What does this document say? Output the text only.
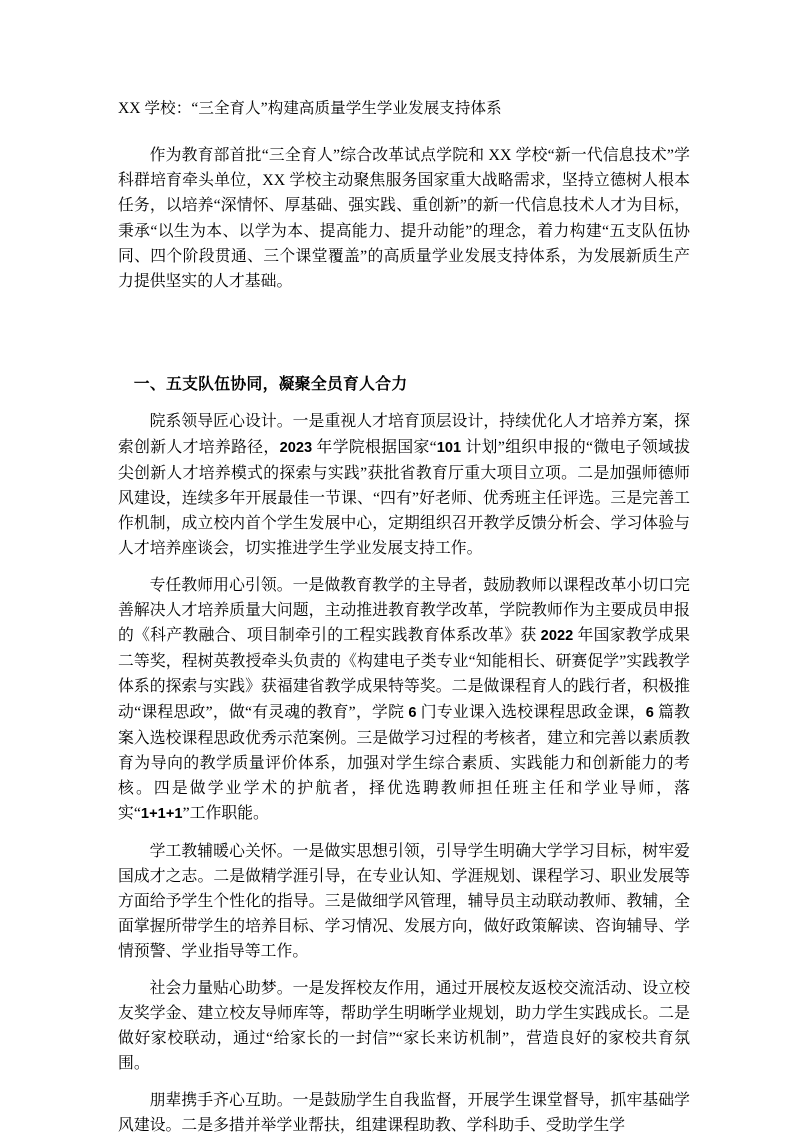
XX 学校：“三全育人”构建高质量学生学业发展支持体系
作为教育部首批“三全育人”综合改革试点学院和 XX 学校“新一代信息技术”学科群培育牵头单位，XX 学校主动聚焦服务国家重大战略需求，坚持立德树人根本任务，以培养“深情怀、厚基础、强实践、重创新”的新一代信息技术人才为目标，秉承“以生为本、以学为本、提高能力、提升动能”的理念，着力构建“五支队伍协同、四个阶段贯通、三个课堂覆盖”的高质量学业发展支持体系，为发展新质生产力提供坚实的人才基础。
一、五支队伍协同，凝聚全员育人合力
院系领导匠心设计。一是重视人才培育顶层设计，持续优化人才培养方案，探索创新人才培养路径，2023 年学院根据国家“101 计划”组织申报的“微电子领域拔尖创新人才培养模式的探索与实践”获批省教育厅重大项目立项。二是加强师德师风建设，连续多年开展最佳一节课、“四有”好老师、优秀班主任评选。三是完善工作机制，成立校内首个学生发展中心，定期组织召开教学反馈分析会、学习体验与人才培养座谈会，切实推进学生学业发展支持工作。
专任教师用心引领。一是做教育教学的主导者，鼓励教师以课程改革小切口完善解决人才培养质量大问题，主动推进教育教学改革，学院教师作为主要成员申报的《科产教融合、项目制牵引的工程实践教育体系改革》获 2022 年国家教学成果二等奖，程树英教授牵头负责的《构建电子类专业“知能相长、研赛促学”实践教学体系的探索与实践》获福建省教学成果特等奖。二是做课程育人的践行者，积极推动“课程思政”，做“有灵魂的教育”，学院 6 门专业课入选校课程思政金课，6 篇教案入选校课程思政优秀示范案例。三是做学习过程的考核者，建立和完善以素质教育为导向的教学质量评价体系，加强对学生综合素质、实践能力和创新能力的考核。四是做学业学术的护航者，择优选聘教师担任班主任和学业导师，落实“1+1+1”工作职能。
学工教辅暖心关怀。一是做实思想引领，引导学生明确大学学习目标，树牢爱国成才之志。二是做精学涯引导，在专业认知、学涯规划、课程学习、职业发展等方面给予学生个性化的指导。三是做细学风管理，辅导员主动联动教师、教辅，全面掌握所带学生的培养目标、学习情况、发展方向，做好政策解读、咨询辅导、学情预警、学业指导等工作。
社会力量贴心助梦。一是发挥校友作用，通过开展校友返校交流活动、设立校友奖学金、建立校友导师库等，帮助学生明晰学业规划，助力学生实践成长。二是做好家校联动，通过“给家长的一封信”“家长来访机制”，营造良好的家校共育氛围。
朋辈携手齐心互助。一是鼓励学生自我监督，开展学生课堂督导，抓牢基础学风建设。二是多措并举学业帮扶，组建课程助教、学科助手、受助学生学
